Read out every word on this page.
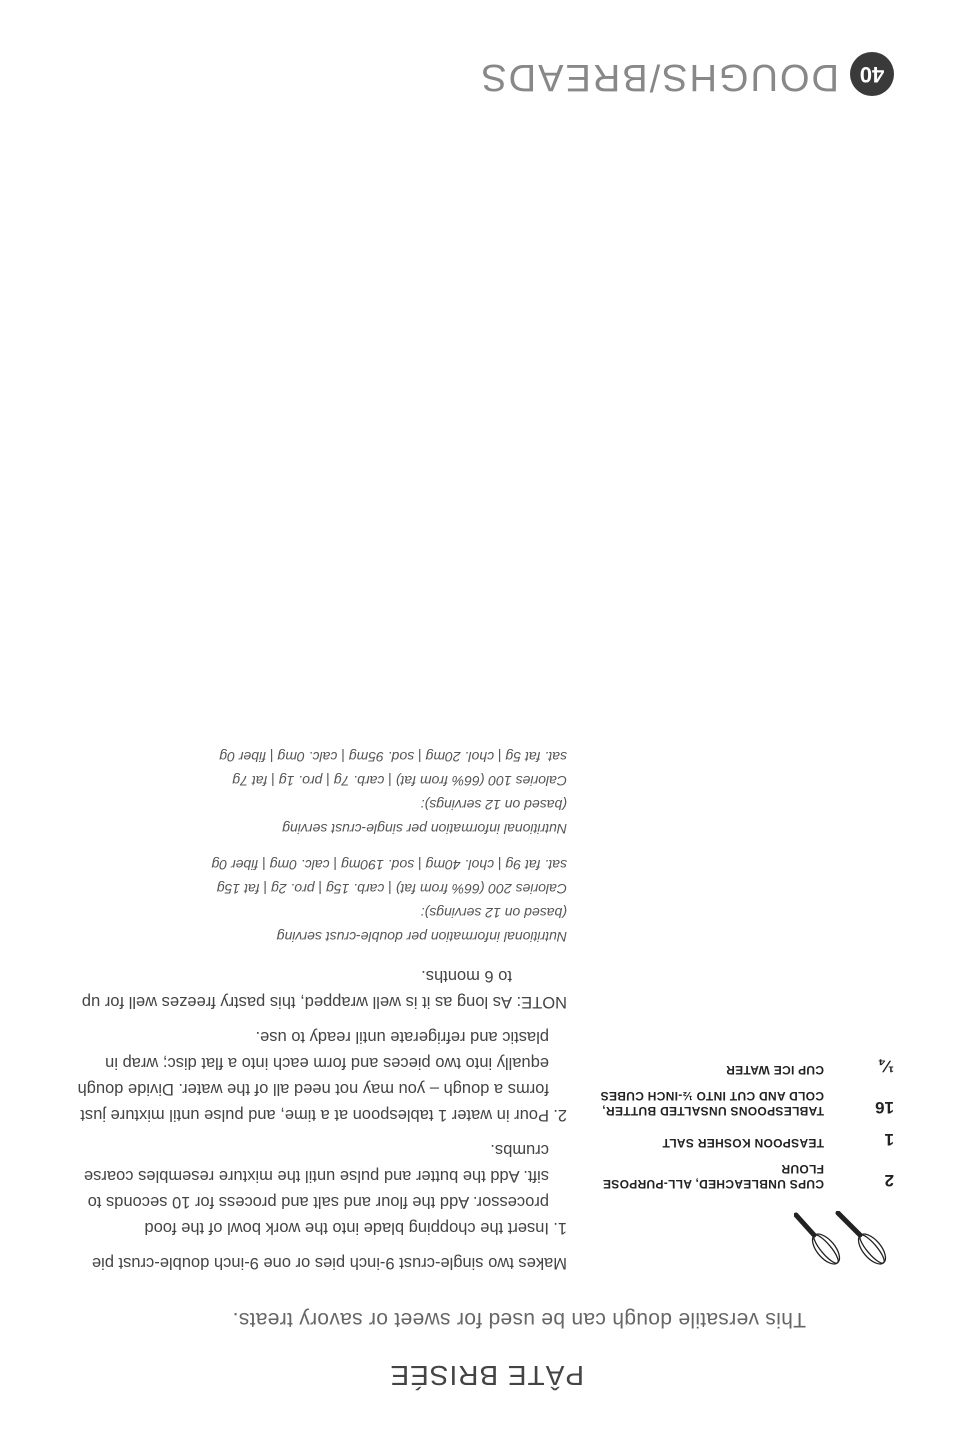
PÂTE BRISÉE
This versatile dough can be used for sweet or savory treats.
2
CUPS UNBLEACHED, ALL-PURPOSE FLOUR
1
TEASPOON KOSHER SALT
16
TABLESPOONS UNSALTED BUTTER, COLD AND CUT INTO ½-INCH CUBES
¼
CUP ICE WATER

Makes two single-crust 9-inch pies or one 9-inch double-crust pie

1.
Insert the chopping blade into the work bowl of the food processor. Add the flour and salt and process for 10 seconds to sift. Add the butter and pulse until the mixture resembles coarse crumbs.
2.
Pour in water 1 tablespoon at a time, and pulse until mixture just forms a dough – you may not need all of the water. Divide dough equally into two pieces and form each into a flat disc; wrap in plastic and refrigerate until ready to use.
NOTE:

As long as it is well wrapped, this pastry freezes well for up to 6 months.

Nutritional information per double-crust serving

(based on 12 servings):

Calories 200 (66% from fat) | carb. 15g | pro. 2g | fat 15g

sat. fat 9g | chol. 40mg | sod. 190mg | calc. 0mg | fiber 0g

Nutritional information per single-crust serving

(based on 12 servings):

Calories 100 (66% from fat) | carb. 7g | pro. 1g | fat 7g

sat. fat 5g | chol. 20mg | sod. 95mg | calc. 0mg | fiber 0g

40
DOUGHS/BREADS
